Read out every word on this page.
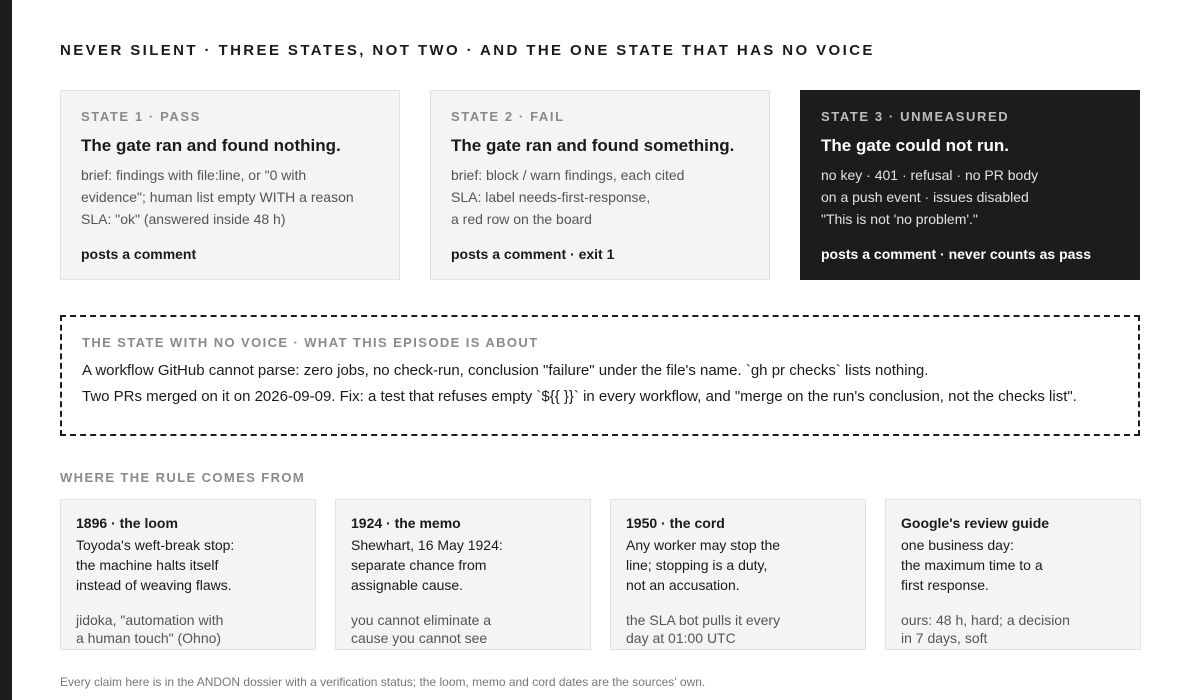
NEVER SILENT · THREE STATES, NOT TWO · AND THE ONE STATE THAT HAS NO VOICE
STATE 1 · PASS
The gate ran and found nothing.
brief: findings with file:line, or "0 with
evidence"; human list empty WITH a reason
SLA: "ok" (answered inside 48 h)
posts a comment
STATE 2 · FAIL
The gate ran and found something.
brief: block / warn findings, each cited
SLA: label needs-first-response,
a red row on the board
posts a comment · exit 1
STATE 3 · UNMEASURED
The gate could not run.
no key · 401 · refusal · no PR body
on a push event · issues disabled
"This is not 'no problem'."
posts a comment · never counts as pass
THE STATE WITH NO VOICE · WHAT THIS EPISODE IS ABOUT
A workflow GitHub cannot parse: zero jobs, no check-run, conclusion "failure" under the file's name. `gh pr checks` lists nothing.
Two PRs merged on it on 2026-09-09. Fix: a test that refuses empty `${{ }}` in every workflow, and "merge on the run's conclusion, not the checks list".
WHERE THE RULE COMES FROM
1896 · the loom
Toyoda's weft-break stop:
the machine halts itself
instead of weaving flaws.
jidoka, "automation with
a human touch" (Ohno)
1924 · the memo
Shewhart, 16 May 1924:
separate chance from
assignable cause.
you cannot eliminate a
cause you cannot see
1950 · the cord
Any worker may stop the
line; stopping is a duty,
not an accusation.
the SLA bot pulls it every
day at 01:00 UTC
Google's review guide
one business day:
the maximum time to a
first response.
ours: 48 h, hard; a decision
in 7 days, soft
Every claim here is in the ANDON dossier with a verification status; the loom, memo and cord dates are the sources' own.
